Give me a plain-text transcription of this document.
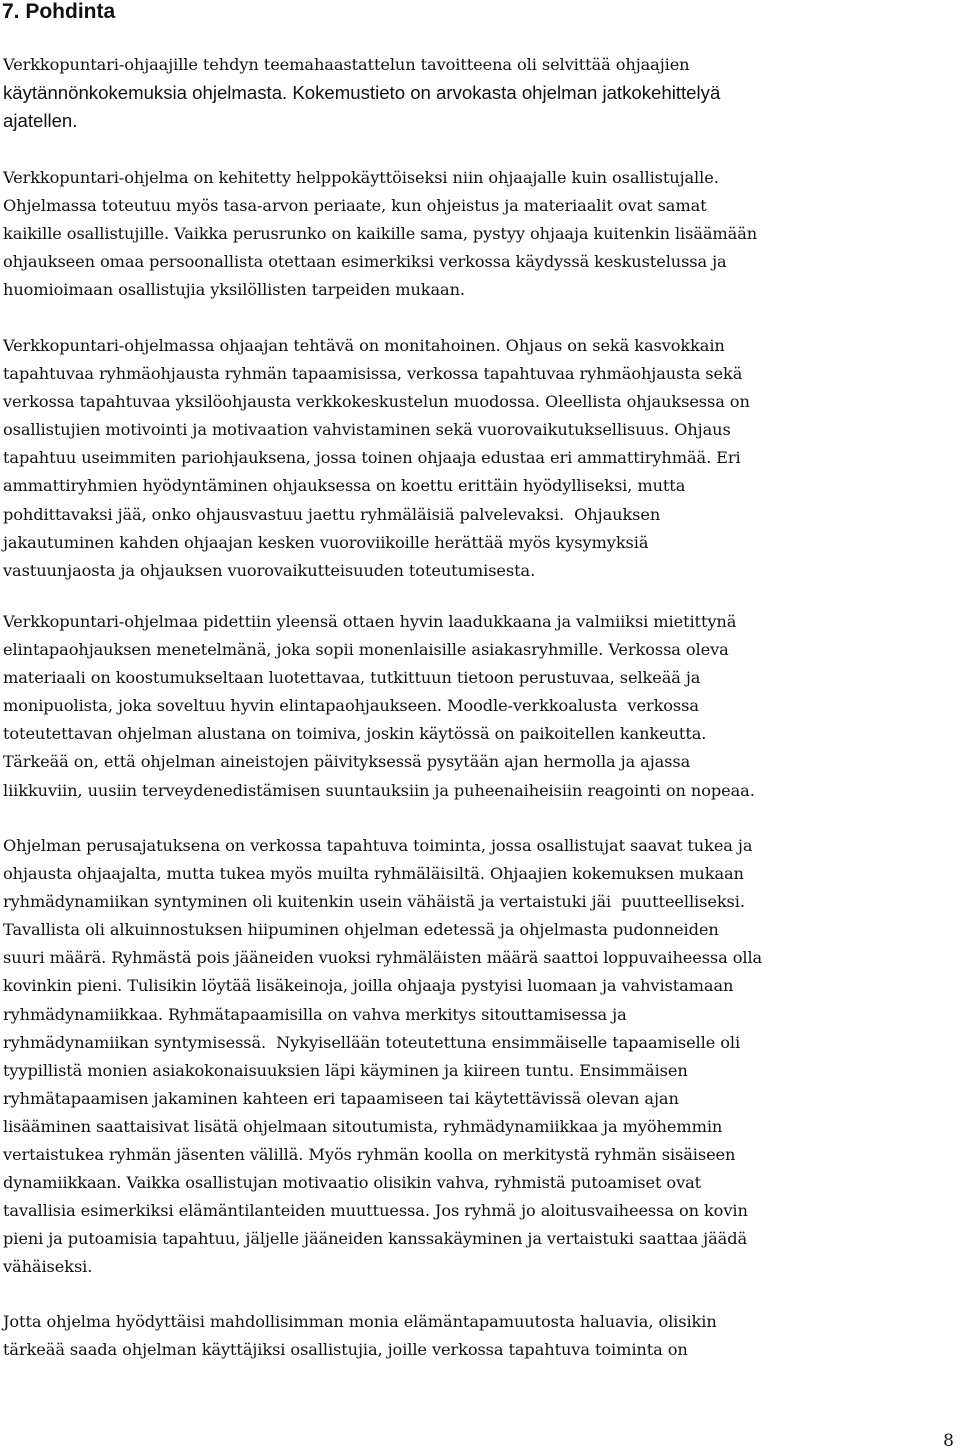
7. Pohdinta

Verkkopuntari-ohjaajille tehdyn teemahaastattelun tavoitteena oli selvittää ohjaajien
käytännönkokemuksia ohjelmasta. Kokemustieto on arvokasta ohjelman jatkokehittelyä
ajatellen.

Verkkopuntari-ohjelma on kehitetty helppokäyttöiseksi niin ohjaajalle kuin osallistujalle.
Ohjelmassa toteutuu myös tasa-arvon periaate, kun ohjeistus ja materiaalit ovat samat
kaikille osallistujille. Vaikka perusrunko on kaikille sama, pystyy ohjaaja kuitenkin lisäämään
ohjaukseen omaa persoonallista otettaan esimerkiksi verkossa käydyssä keskustelussa ja
huomioimaan osallistujia yksilöllisten tarpeiden mukaan.

Verkkopuntari-ohjelmassa ohjaajan tehtävä on monitahoinen. Ohjaus on sekä kasvokkain
tapahtuvaa ryhmäohjausta ryhmän tapaamisissa, verkossa tapahtuvaa ryhmäohjausta sekä
verkossa tapahtuvaa yksilöohjausta verkkokeskustelun muodossa. Oleellista ohjauksessa on
osallistujien motivointi ja motivaation vahvistaminen sekä vuorovaikutuksellisuus. Ohjaus
tapahtuu useimmiten pariohjauksena, jossa toinen ohjaaja edustaa eri ammattiryhmää. Eri
ammattiryhmien hyödyntäminen ohjauksessa on koettu erittäin hyödylliseksi, mutta
pohdittavaksi jää, onko ohjausvastuu jaettu ryhmäläisiä palvelevaksi.  Ohjauksen
jakautuminen kahden ohjaajan kesken vuoroviikoille herättää myös kysymyksiä
vastuunjaosta ja ohjauksen vuorovaikutteisuuden toteutumisesta.

Verkkopuntari-ohjelmaa pidettiin yleensä ottaen hyvin laadukkaana ja valmiiksi mietittynä
elintapaohjauksen menetelmänä, joka sopii monenlaisille asiakasryhmille. Verkossa oleva
materiaali on koostumukseltaan luotettavaa, tutkittuun tietoon perustuvaa, selkeää ja
monipuolista, joka soveltuu hyvin elintapaohjaukseen. Moodle-verkkoalusta  verkossa
toteutettavan ohjelman alustana on toimiva, joskin käytössä on paikoitellen kankeutta.
Tärkeää on, että ohjelman aineistojen päivityksessä pysytään ajan hermolla ja ajassa
liikkuviin, uusiin terveydenedistämisen suuntauksiin ja puheenaiheisiin reagointi on nopeaa.

Ohjelman perusajatuksena on verkossa tapahtuva toiminta, jossa osallistujat saavat tukea ja
ohjausta ohjaajalta, mutta tukea myös muilta ryhmäläisiltä. Ohjaajien kokemuksen mukaan
ryhmädynamiikan syntyminen oli kuitenkin usein vähäistä ja vertaistuki jäi  puutteelliseksi.
Tavallista oli alkuinnostuksen hiipuminen ohjelman edetessä ja ohjelmasta pudonneiden
suuri määrä. Ryhmästä pois jääneiden vuoksi ryhmäläisten määrä saattoi loppuvaiheessa olla
kovinkin pieni. Tulisikin löytää lisäkeinoja, joilla ohjaaja pystyisi luomaan ja vahvistamaan
ryhmädynamiikkaa. Ryhmätapaamisilla on vahva merkitys sitouttamisessa ja
ryhmädynamiikan syntymisessä.  Nykyisellään toteutettuna ensimmäiselle tapaamiselle oli
tyypillistä monien asiakokonaisuuksien läpi käyminen ja kiireen tuntu. Ensimmäisen
ryhmätapaamisen jakaminen kahteen eri tapaamiseen tai käytettävissä olevan ajan
lisääminen saattaisivat lisätä ohjelmaan sitoutumista, ryhmädynamiikkaa ja myöhemmin
vertaistukea ryhmän jäsenten välillä. Myös ryhmän koolla on merkitystä ryhmän sisäiseen
dynamiikkaan. Vaikka osallistujan motivaatio olisikin vahva, ryhmistä putoamiset ovat
tavallisia esimerkiksi elämäntilanteiden muuttuessa. Jos ryhmä jo aloitusvaiheessa on kovin
pieni ja putoamisia tapahtuu, jäljelle jääneiden kanssakäyminen ja vertaistuki saattaa jäädä
vähäiseksi.

Jotta ohjelma hyödyttäisi mahdollisimman monia elämäntapamuutosta haluavia, olisikin
tärkeää saada ohjelman käyttäjiksi osallistujia, joille verkossa tapahtuva toiminta on

8
